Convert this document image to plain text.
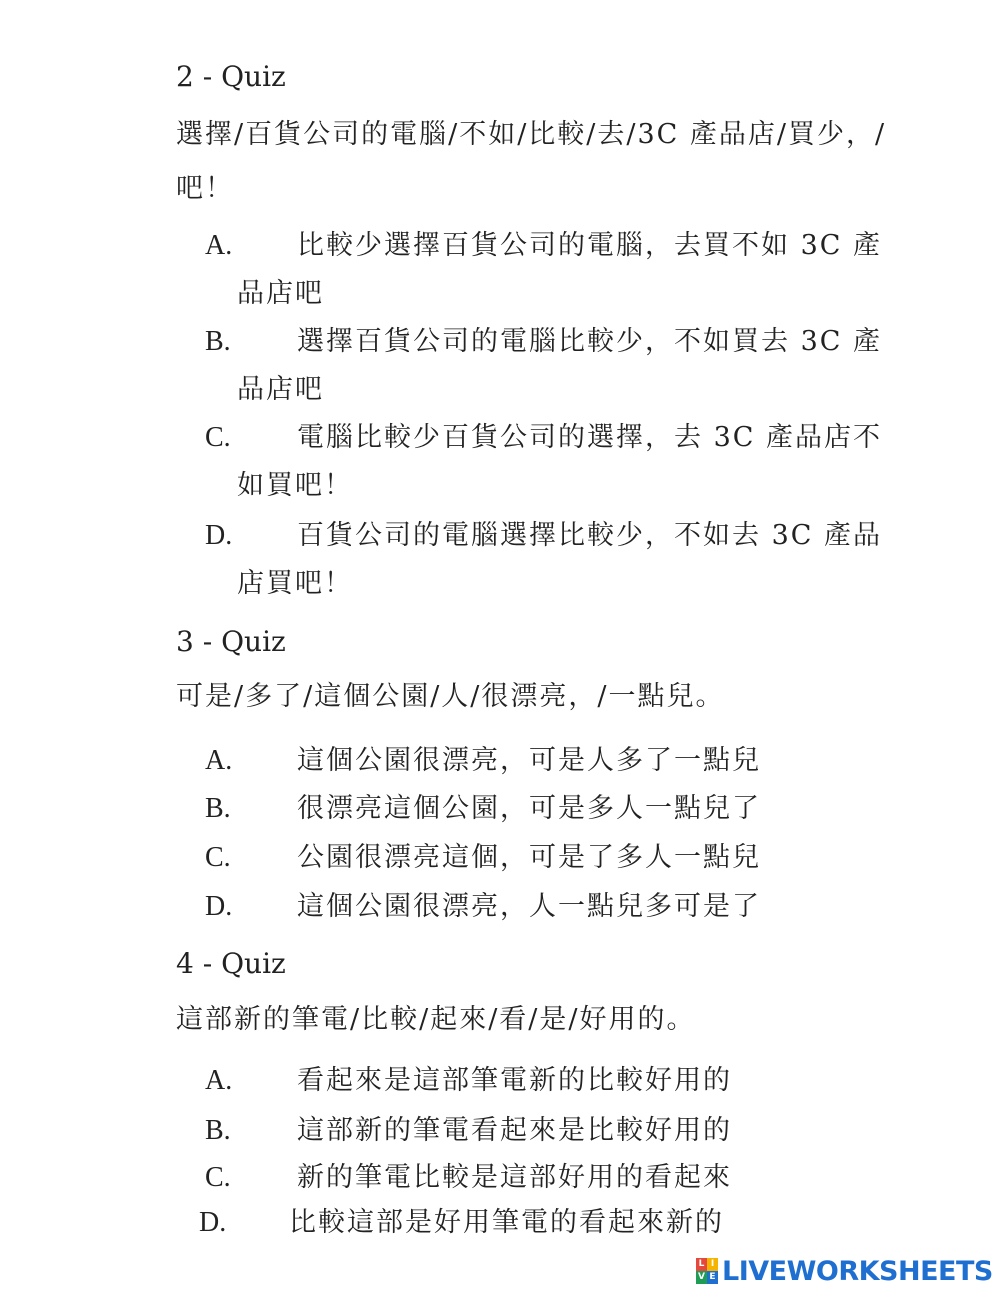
2 - Quiz
選擇/百貨公司的電腦/不如/比較/去/3C 產品店/買少，/
吧！
A.	比較少選擇百貨公司的電腦，去買不如 3C 產
品店吧
B.	選擇百貨公司的電腦比較少，不如買去 3C 產
品店吧
C.	電腦比較少百貨公司的選擇，去 3C 產品店不
如買吧！
D.	百貨公司的電腦選擇比較少，不如去 3C 產品
店買吧！
3 - Quiz
可是/多了/這個公園/人/很漂亮，/一點兒。
A.	這個公園很漂亮，可是人多了一點兒
B.	很漂亮這個公園，可是多人一點兒了
C.	公園很漂亮這個，可是了多人一點兒
D.	這個公園很漂亮，人一點兒多可是了
4 - Quiz
這部新的筆電/比較/起來/看/是/好用的。
A.	看起來是這部筆電新的比較好用的
B.	這部新的筆電看起來是比較好用的
C.	新的筆電比較是這部好用的看起來
D.	比較這部是好用筆電的看起來新的
L I
V E LIVEWORKSHEETS
